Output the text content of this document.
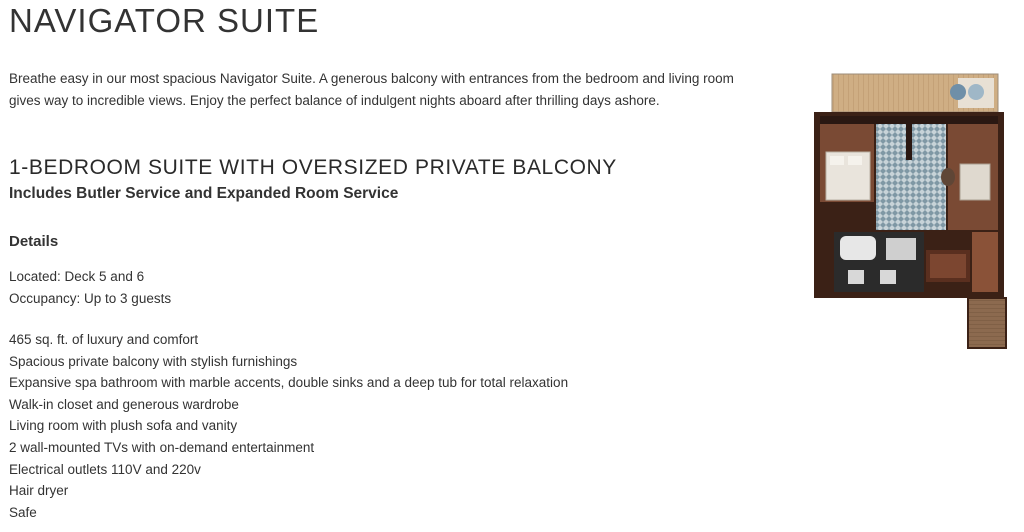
NAVIGATOR SUITE

Breathe easy in our most spacious Navigator Suite. A generous balcony with entrances from the bedroom and living room gives way to incredible views. Enjoy the perfect balance of indulgent nights aboard after thrilling days ashore.

1-BEDROOM SUITE WITH OVERSIZED PRIVATE BALCONY
Includes Butler Service and Expanded Room Service
Details
Located: Deck 5 and 6
Occupancy: Up to 3 guests
465 sq. ft. of luxury and comfort
Spacious private balcony with stylish furnishings
Expansive spa bathroom with marble accents, double sinks and a deep tub for total relaxation
Walk-in closet and generous wardrobe
Living room with plush sofa and vanity
2 wall-mounted TVs with on-demand entertainment
Electrical outlets 110V and 220v
Hair dryer
Safe
